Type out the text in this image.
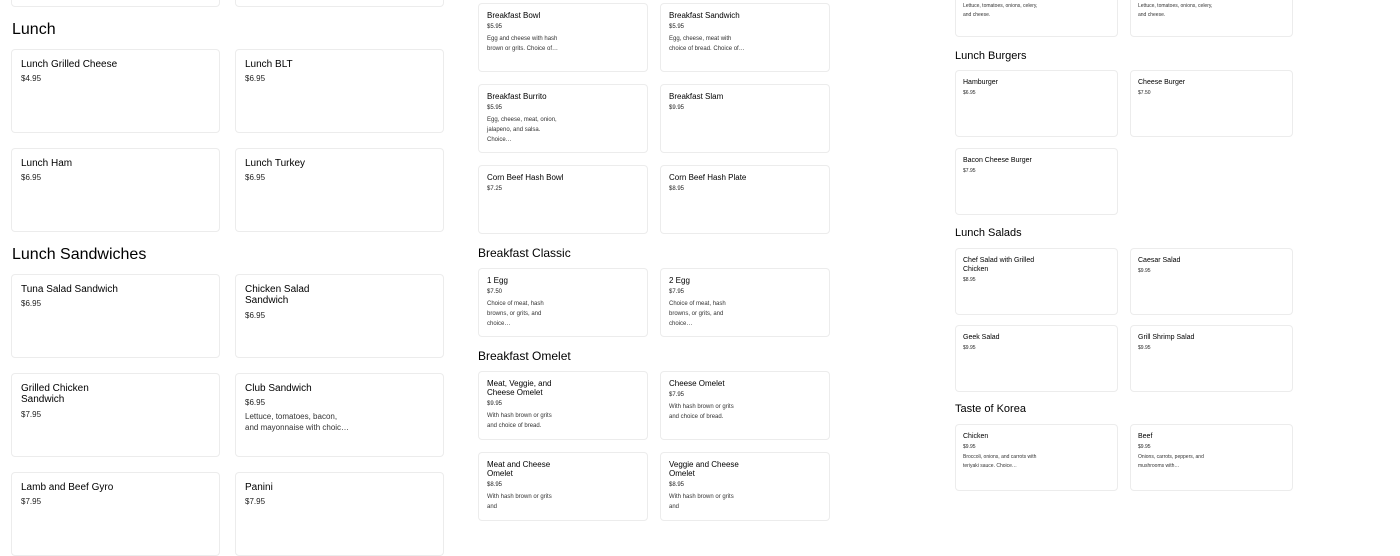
Lunch
Lunch Grilled Cheese
$4.95
Lunch BLT
$6.95
Lunch Ham
$6.95
Lunch Turkey
$6.95
Lunch Sandwiches
Tuna Salad Sandwich
$6.95
Chicken Salad Sandwich
$6.95
Grilled Chicken Sandwich
$7.95
Club Sandwich
$6.95
Lettuce, tomatoes, bacon, and mayonnaise with choic…
Lamb and Beef Gyro
$7.95
Panini
$7.95
Breakfast Bowl
$5.95
Egg and cheese with hash brown or grits. Choice of…
Breakfast Sandwich
$5.95
Egg, cheese, meat with choice of bread. Choice of…
Breakfast Burrito
$5.95
Egg, cheese, meat, onion, jalapeno, and salsa. Choice…
Breakfast Slam
$9.95
Corn Beef Hash Bowl
$7.25
Corn Beef Hash Plate
$8.95
Breakfast Classic
1 Egg
$7.50
Choice of meat, hash browns, or grits, and choice…
2 Egg
$7.95
Choice of meat, hash browns, or grits, and choice…
Breakfast Omelet
Meat, Veggie, and Cheese Omelet
$9.95
With hash brown or grits and choice of bread.
Cheese Omelet
$7.95
With hash brown or grits and choice of bread.
Meat and Cheese Omelet
$8.95
With hash brown or grits and
Veggie and Cheese Omelet
$8.95
With hash brown or grits and
Lettuce, tomatoes, onions, celery, and cheese.
Lettuce, tomatoes, onions, celery, and cheese.
Lunch Burgers
Hamburger
$6.95
Cheese Burger
$7.50
Bacon Cheese Burger
$7.95
Lunch Salads
Chef Salad with Grilled Chicken
$8.95
Caesar Salad
$9.95
Geek Salad
$9.95
Grill Shrimp Salad
$9.95
Taste of Korea
Chicken
$9.95
Broccoli, onions, and carrots with teriyaki sauce. Choice…
Beef
$9.95
Onions, carrots, peppers, and mushrooms with…
